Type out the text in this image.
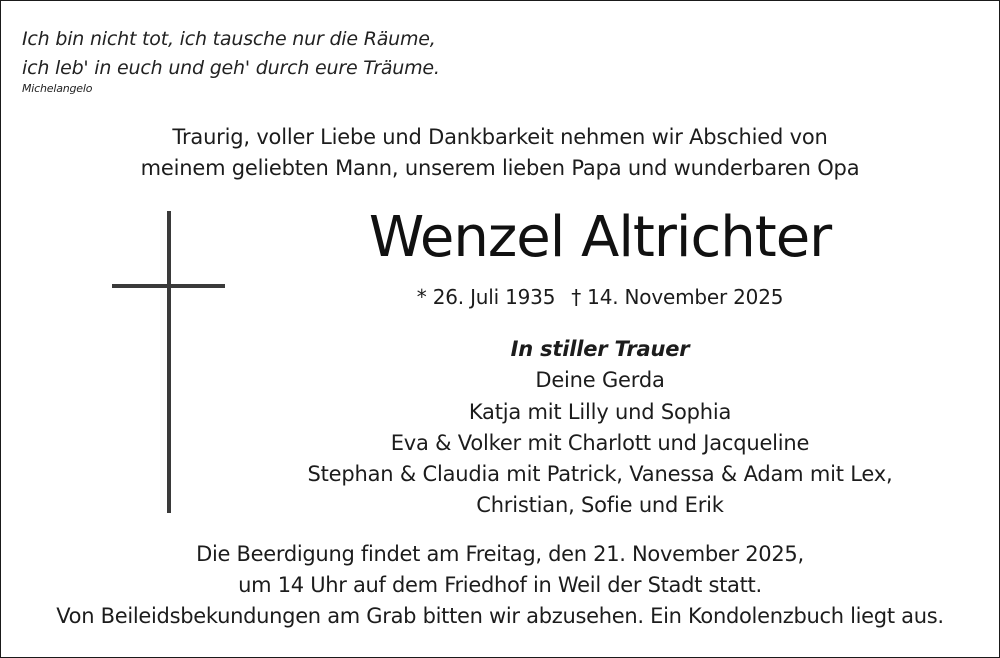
Ich bin nicht tot, ich tausche nur die Räume,
ich leb' in euch und geh' durch eure Träume.
Michelangelo
Traurig, voller Liebe und Dankbarkeit nehmen wir Abschied von
meinem geliebten Mann, unserem lieben Papa und wunderbaren Opa
Wenzel Altrichter
* 26. Juli 1935 † 14. November 2025
In stiller Trauer
Deine Gerda
Katja mit Lilly und Sophia
Eva & Volker mit Charlott und Jacqueline
Stephan & Claudia mit Patrick, Vanessa & Adam mit Lex,
Christian, Sofie und Erik
Die Beerdigung findet am Freitag, den 21. November 2025,
um 14 Uhr auf dem Friedhof in Weil der Stadt statt.
Von Beileidsbekundungen am Grab bitten wir abzusehen. Ein Kondolenzbuch liegt aus.
